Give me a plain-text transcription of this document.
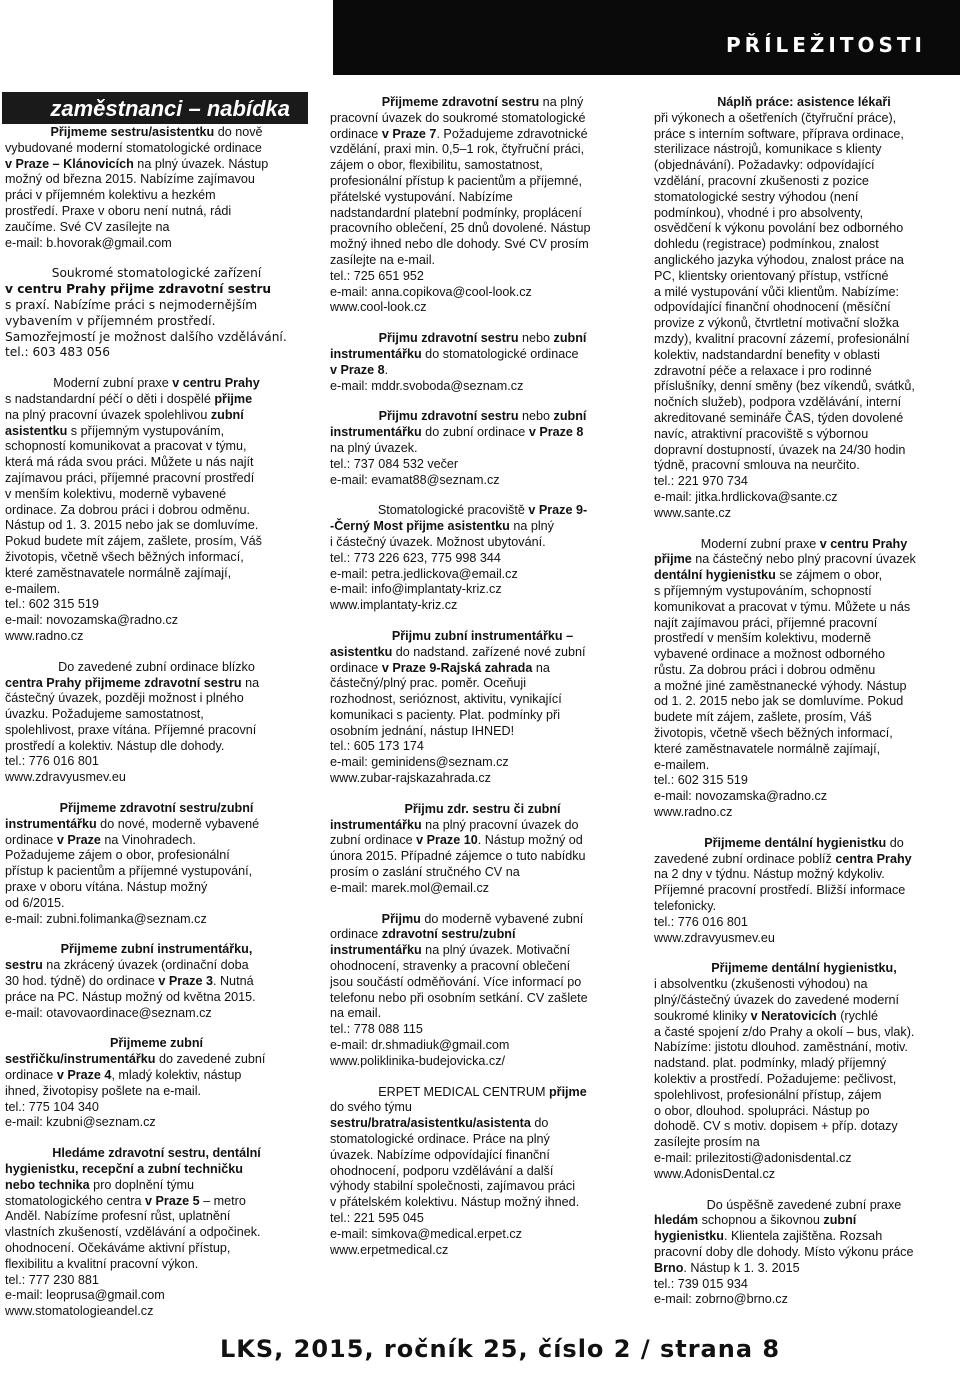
PŘÍLEŽITOSTI
zaměstnanci – nabídka
Přijmeme sestru/asistentku do nově
vybudované moderní stomatologické ordinace
v Praze – Klánovicích na plný úvazek. Nástup
možný od března 2015. Nabízíme zajímavou
práci v příjemném kolektivu a hezkém
prostředí. Praxe v oboru není nutná, rádi
zaučíme. Své CV zasílejte na
e-mail: b.hovorak@gmail.com
Soukromé stomatologické zařízení
v centru Prahy přijme zdravotní sestru
s praxí. Nabízíme práci s nejmodernějším
vybavením v příjemném prostředí.
Samozřejmostí je možnost dalšího vzdělávání.
tel.: 603 483 056
Moderní zubní praxe v centru Prahy
s nadstandardní péčí o děti i dospělé přijme
na plný pracovní úvazek spolehlivou zubní
asistentku s příjemným vystupováním,
schopností komunikovat a pracovat v týmu,
která má ráda svou práci. Můžete u nás najít
zajímavou práci, příjemné pracovní prostředí
v menším kolektivu, moderně vybavené
ordinace. Za dobrou práci i dobrou odměnu.
Nástup od 1. 3. 2015 nebo jak se domluvíme.
Pokud budete mít zájem, zašlete, prosím, Váš
životopis, včetně všech běžných informací,
které zaměstnavatele normálně zajímají,
e-mailem.
tel.: 602 315 519
e-mail: novozamska@radno.cz
www.radno.cz
Do zavedené zubní ordinace blízko
centra Prahy přijmeme zdravotní sestru na
částečný úvazek, později možnost i plného
úvazku. Požadujeme samostatnost,
spolehlivost, praxe vítána. Příjemné pracovní
prostředí a kolektiv. Nástup dle dohody.
tel.: 776 016 801
www.zdravyusmev.eu
Přijmeme zdravotní sestru/zubní
instrumentářku do nové, moderně vybavené
ordinace v Praze na Vinohradech.
Požadujeme zájem o obor, profesionální
přístup k pacientům a příjemné vystupování,
praxe v oboru vítána. Nástup možný
od 6/2015.
e-mail: zubni.folimanka@seznam.cz
Přijmeme zubní instrumentářku,
sestru na zkrácený úvazek (ordinační doba
30 hod. týdně) do ordinace v Praze 3. Nutná
práce na PC. Nástup možný od května 2015.
e-mail: otavovaordinace@seznam.cz
Přijmeme zubní
sestřičku/instrumentářku do zavedené zubní
ordinace v Praze 4, mladý kolektiv, nástup
ihned, životopisy pošlete na e-mail.
tel.: 775 104 340
e-mail: kzubni@seznam.cz
Hledáme zdravotní sestru, dentální
hygienistku, recepční a zubní techničku
nebo technika pro doplnění týmu
stomatologického centra v Praze 5 – metro
Anděl. Nabízíme profesní růst, uplatnění
vlastních zkušeností, vzdělávání a odpočinek.
ohodnocení. Očekáváme aktivní přístup,
flexibilitu a kvalitní pracovní výkon.
tel.: 777 230 881
e-mail: leoprusa@gmail.com
www.stomatologieandel.cz
Přijmeme zdravotní sestru na plný
pracovní úvazek do soukromé stomatologické
ordinace v Praze 7. Požadujeme zdravotnické
vzdělání, praxi min. 0,5–1 rok, čtyřruční práci,
zájem o obor, flexibilitu, samostatnost,
profesionální přístup k pacientům a příjemné,
přátelské vystupování. Nabízíme
nadstandardní platební podmínky, proplácení
pracovního oblečení, 25 dnů dovolené. Nástup
možný ihned nebo dle dohody. Své CV prosím
zasílejte na e-mail.
tel.: 725 651 952
e-mail: anna.copikova@cool-look.cz
www.cool-look.cz
Přijmu zdravotní sestru nebo zubní
instrumentářku do stomatologické ordinace
v Praze 8.
e-mail: mddr.svoboda@seznam.cz
Přijmu zdravotní sestru nebo zubní
instrumentářku do zubní ordinace v Praze 8
na plný úvazek.
tel.: 737 084 532 večer
e-mail: evamat88@seznam.cz
Stomatologické pracoviště v Praze 9-
-Černý Most přijme asistentku na plný
i částečný úvazek. Možnost ubytování.
tel.: 773 226 623, 775 998 344
e-mail: petra.jedlickova@email.cz
e-mail: info@implantaty-kriz.cz
www.implantaty-kriz.cz
Přijmu zubní instrumentářku –
asistentku do nadstand. zařízené nové zubní
ordinace v Praze 9-Rajská zahrada na
částečný/plný prac. poměr. Oceňuji
rozhodnost, serióznost, aktivitu, vynikající
komunikaci s pacienty. Plat. podmínky při
osobním jednání, nástup IHNED!
tel.: 605 173 174
e-mail: geminidens@seznam.cz
www.zubar-rajskazahrada.cz
Přijmu zdr. sestru či zubní
instrumentářku na plný pracovní úvazek do
zubní ordinace v Praze 10. Nástup možný od
února 2015. Případné zájemce o tuto nabídku
prosím o zaslání stručného CV na
e-mail: marek.mol@email.cz
Přijmu do moderně vybavené zubní
ordinace zdravotní sestru/zubní
instrumentářku na plný úvazek. Motivační
ohodnocení, stravenky a pracovní oblečení
jsou součástí odměňování. Více informací po
telefonu nebo při osobním setkání. CV zašlete
na email.
tel.: 778 088 115
e-mail: dr.shmadiuk@gmail.com
www.poliklinika-budejovicka.cz/
ERPET MEDICAL CENTRUM přijme
do svého týmu
sestru/bratra/asistentku/asistenta do
stomatologické ordinace. Práce na plný
úvazek. Nabízíme odpovídající finanční
ohodnocení, podporu vzdělávání a další
výhody stabilní společnosti, zajímavou práci
v přátelském kolektivu. Nástup možný ihned.
tel.: 221 595 045
e-mail: simkova@medical.erpet.cz
www.erpetmedical.cz
Náplň práce: asistence lékaři
při výkonech a ošetřeních (čtyřruční práce),
práce s interním software, příprava ordinace,
sterilizace nástrojů, komunikace s klienty
(objednávání). Požadavky: odpovídající
vzdělání, pracovní zkušenosti z pozice
stomatologické sestry výhodou (není
podmínkou), vhodné i pro absolventy,
osvědčení k výkonu povolání bez odborného
dohledu (registrace) podmínkou, znalost
anglického jazyka výhodou, znalost práce na
PC, klientsky orientovaný přístup, vstřícné
a milé vystupování vůči klientům. Nabízíme:
odpovídající finanční ohodnocení (měsíční
provize z výkonů, čtvrtletní motivační složka
mzdy), kvalitní pracovní zázemí, profesionální
kolektiv, nadstandardní benefity v oblasti
zdravotní péče a relaxace i pro rodinné
příslušníky, denní směny (bez víkendů, svátků,
nočních služeb), podpora vzdělávání, interní
akreditované semináře ČAS, týden dovolené
navíc, atraktivní pracoviště s výbornou
dopravní dostupností, úvazek na 24/30 hodin
týdně, pracovní smlouva na neurčito.
tel.: 221 970 734
e-mail: jitka.hrdlickova@sante.cz
www.sante.cz
Moderní zubní praxe v centru Prahy
přijme na částečný nebo plný pracovní úvazek
dentální hygienistku se zájmem o obor,
s příjemným vystupováním, schopností
komunikovat a pracovat v týmu. Můžete u nás
najít zajímavou práci, příjemné pracovní
prostředí v menším kolektivu, moderně
vybavené ordinace a možnost odborného
růstu. Za dobrou práci i dobrou odměnu
a možné jiné zaměstnanecké výhody. Nástup
od 1. 2. 2015 nebo jak se domluvíme. Pokud
budete mít zájem, zašlete, prosím, Váš
životopis, včetně všech běžných informací,
které zaměstnavatele normálně zajímají,
e-mailem.
tel.: 602 315 519
e-mail: novozamska@radno.cz
www.radno.cz
Přijmeme dentální hygienistku do
zavedené zubní ordinace poblíž centra Prahy
na 2 dny v týdnu. Nástup možný kdykoliv.
Příjemné pracovní prostředí. Bližší informace
telefonicky.
tel.: 776 016 801
www.zdravyusmev.eu
Přijmeme dentální hygienistku,
i absolventku (zkušenosti výhodou) na
plný/částečný úvazek do zavedené moderní
soukromé kliniky v Neratovicích (rychlé
a časté spojení z/do Prahy a okolí – bus, vlak).
Nabízíme: jistotu dlouhod. zaměstnání, motiv.
nadstand. plat. podmínky, mladý příjemný
kolektiv a prostředí. Požadujeme: pečlivost,
spolehlivost, profesionální přístup, zájem
o obor, dlouhod. spolupráci. Nástup po
dohodě. CV s motiv. dopisem + příp. dotazy
zasílejte prosím na
e-mail: prilezitosti@adonisdental.cz
www.AdonisDental.cz
Do úspěšně zavedené zubní praxe
hledám schopnou a šikovnou zubní
hygienistku. Klientela zajištěna. Rozsah
pracovní doby dle dohody. Místo výkonu práce
Brno. Nástup k 1. 3. 2015
tel.: 739 015 934
e-mail: zobrno@brno.cz
LKS, 2015, ročník 25, číslo 2 / strana 8
